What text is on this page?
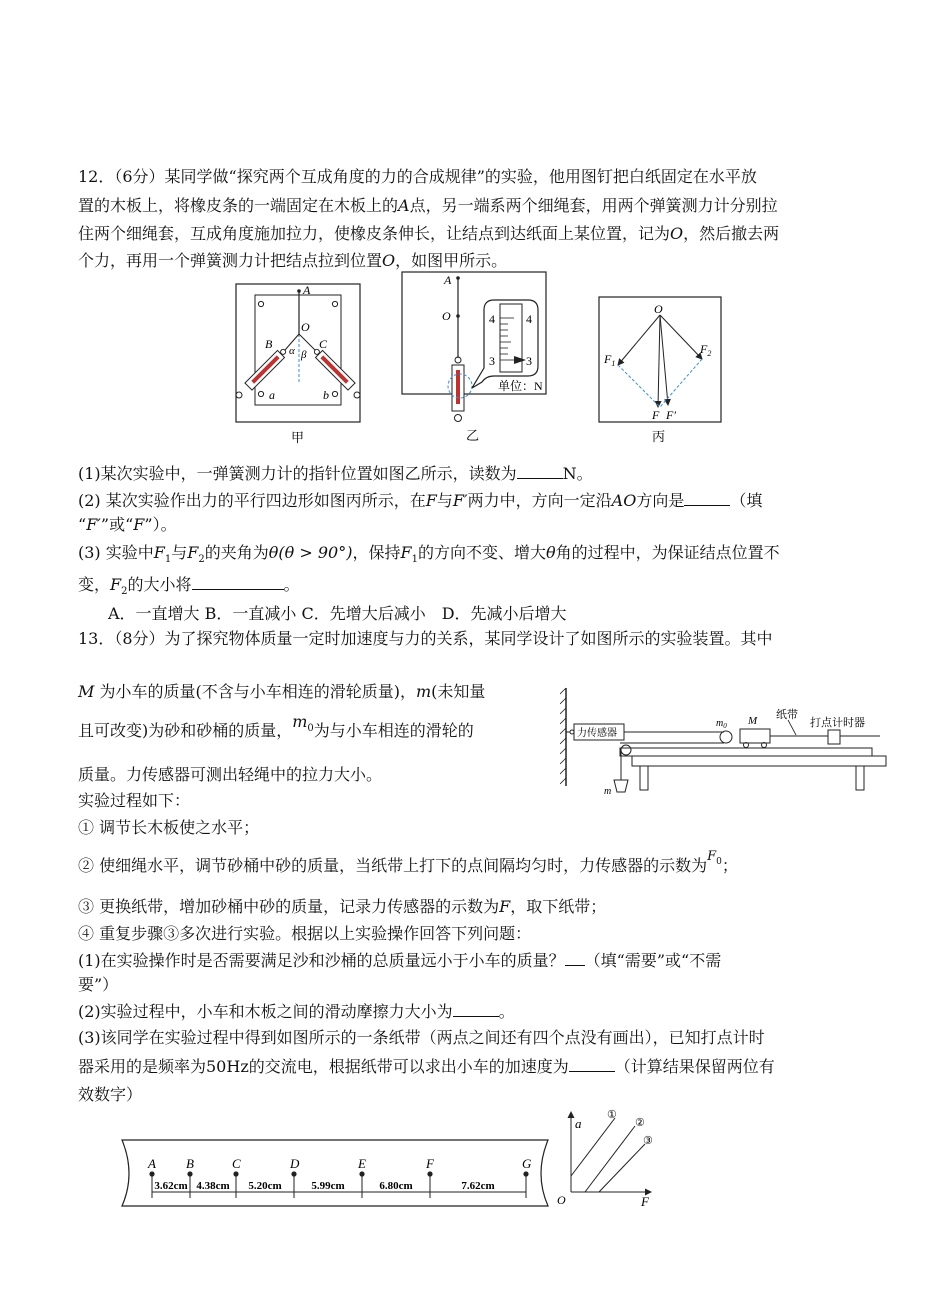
12．（6分）某同学做“探究两个互成角度的力的合成规律”的实验，他用图钉把白纸固定在水平放
置的木板上，将橡皮条的一端固定在木板上的A点，另一端系两个细绳套，用两个弹簧测力计分别拉
住两个细绳套，互成角度施加拉力，使橡皮条伸长，让结点到达纸面上某位置，记为O，然后撤去两
个力，再用一个弹簧测力计把结点拉到位置O，如图甲所示。
A
O
B	C
α β
a	b
甲
A
O	4	4
3	3
单位：N
乙
O
$F_1$
$F_2$
F F′
丙
(1)某次实验中，一弹簧测力计的指针位置如图乙所示，读数为	N。
(2) 某次实验作出力的平行四边形如图丙所示，在F与F′两力中，方向一定沿AO方向是	（填
“F′”或“F”）。
(3) 实验中$F_1$与$F_2$的夹角为θ(θ > 90°)，保持$F_1$的方向不变、增大θ角的过程中，为保证结点位置不
变，$F_2$的大小将	。
A．一直增大 B．一直减小 C．先增大后减小　D．先减小后增大
13．（8分）为了探究物体质量一定时加速度与力的关系，某同学设计了如图所示的实验装置。其中
M 为小车的质量(不含与小车相连的滑轮质量)，m(未知量
且可改变)为砂和砂桶的质量，$m_0$为与小车相连的滑轮的
质量。力传感器可测出轻绳中的拉力大小。
实验过程如下：
① 调节长木板使之水平；
② 使细绳水平，调节砂桶中砂的质量，当纸带上打下的点间隔均匀时，力传感器的示数为$^F_0$；
③ 更换纸带，增加砂桶中砂的质量，记录力传感器的示数为F，取下纸带；
④ 重复步骤③多次进行实验。根据以上实验操作回答下列问题：
(1)在实验操作时是否需要满足沙和沙桶的总质量远小于小车的质量？ （填“需要”或“不需
要”）
(2)实验过程中，小车和木板之间的滑动摩擦力大小为	。
(3)该同学在实验过程中得到如图所示的一条纸带（两点之间还有四个点没有画出），已知打点计时
器采用的是频率为50Hz的交流电，根据纸带可以求出小车的加速度为	（计算结果保留两位有
效数字）
力传感器
$m_0$ M 纸带
打点计时器
m
A B	C	D	E	F	G
3.62cm 4.38cm 5.20cm	5.99cm	6.80cm	7.62cm
a
F
O
①
②
③
